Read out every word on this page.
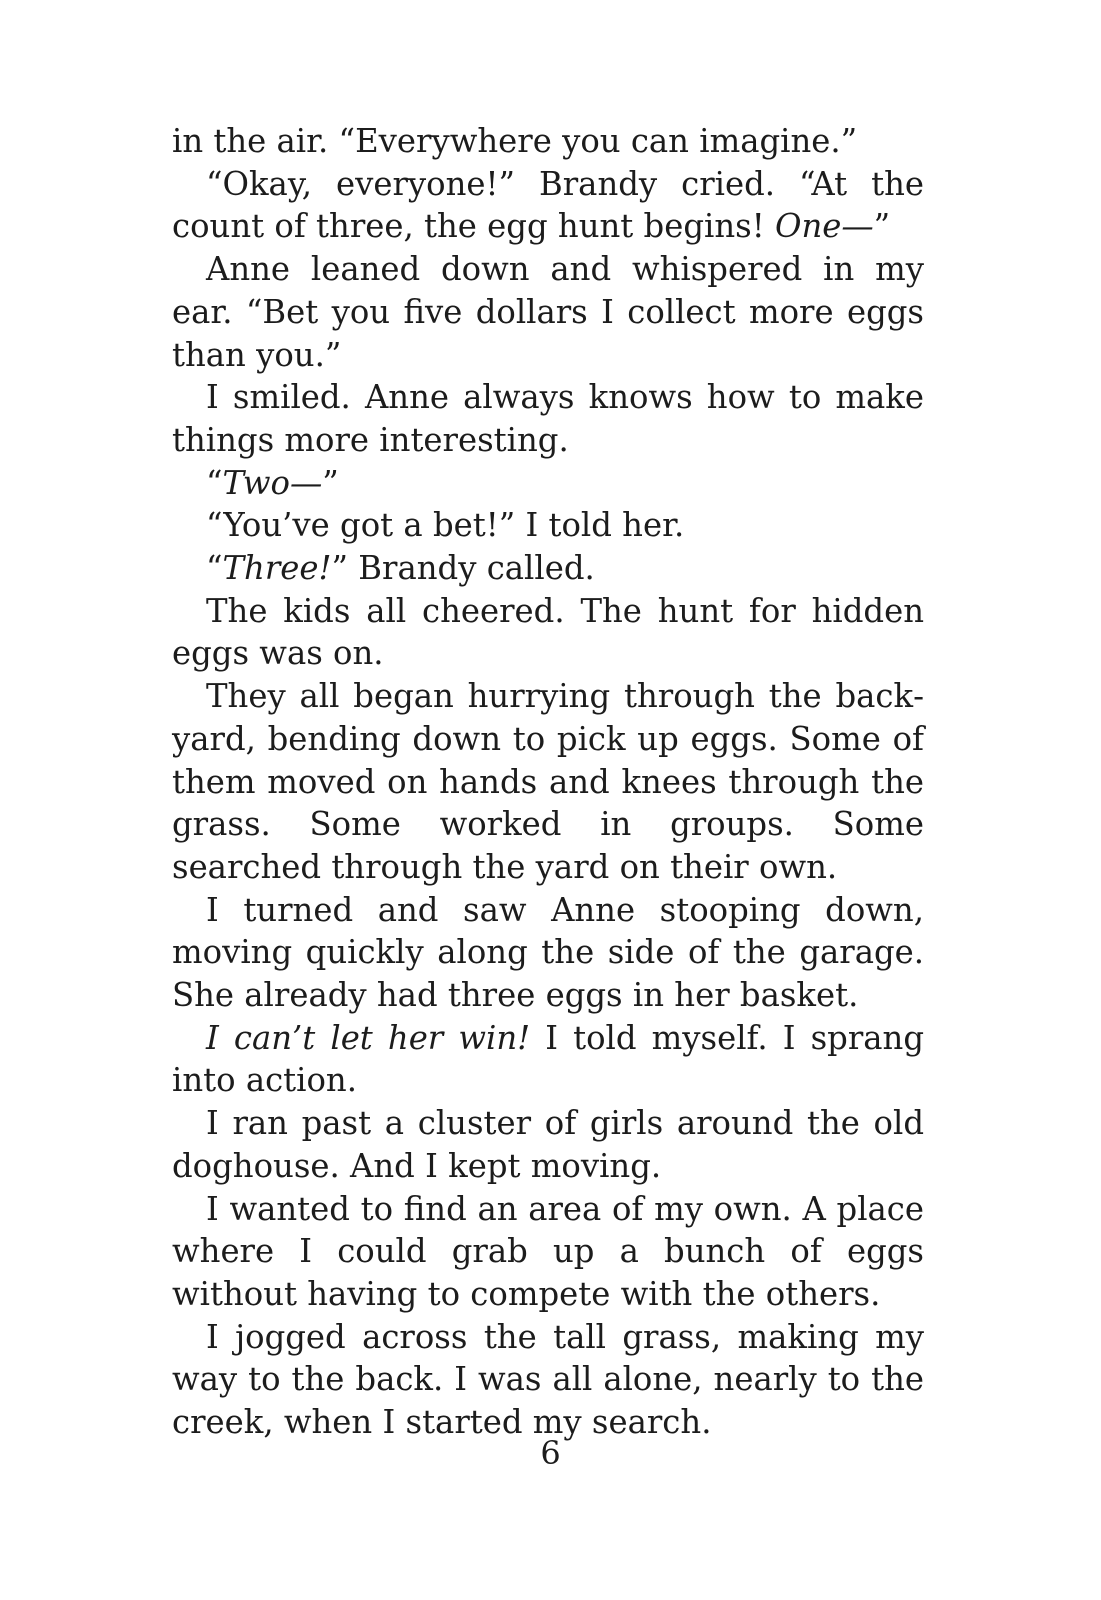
in the air. “Everywhere you can imagine.”

“Okay, everyone!” Brandy cried. “At the count of three, the egg hunt begins! One—”

Anne leaned down and whispered in my ear. “Bet you five dollars I collect more eggs than you.”

I smiled. Anne always knows how to make things more interesting.

“Two—”

“You’ve got a bet!” I told her.

“Three!” Brandy called.

The kids all cheered. The hunt for hidden eggs was on.

They all began hurrying through the backyard, bending down to pick up eggs. Some of them moved on hands and knees through the grass. Some worked in groups. Some searched through the yard on their own.

I turned and saw Anne stooping down, moving quickly along the side of the garage. She already had three eggs in her basket.

I can’t let her win! I told myself. I sprang into action.

I ran past a cluster of girls around the old doghouse. And I kept moving.

I wanted to find an area of my own. A place where I could grab up a bunch of eggs without having to compete with the others.

I jogged across the tall grass, making my way to the back. I was all alone, nearly to the creek, when I started my search.

6
